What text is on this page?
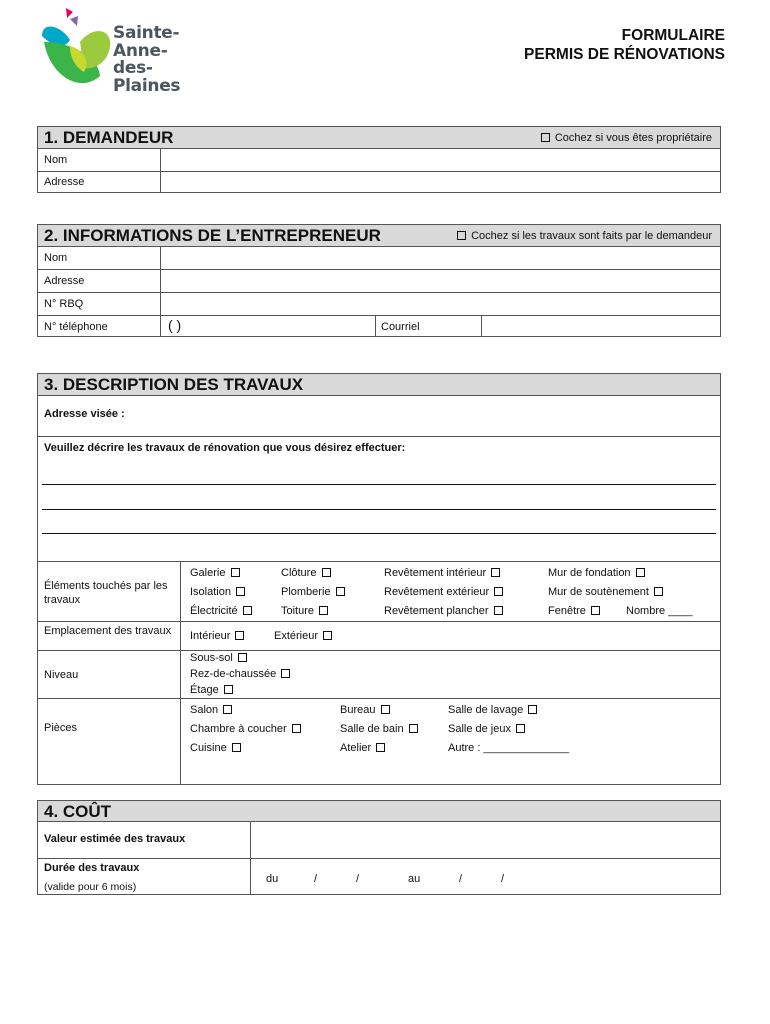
Sainte-
Anne-
des-
Plaines
FORMULAIRE
PERMIS DE RÉNOVATIONS
1. DEMANDEUR	Cochez si vous êtes propriétaire
Nom
Adresse
2. INFORMATIONS DE L’ENTREPRENEUR	Cochez si les travaux sont faits par le demandeur
Nom
Adresse
N° RBQ
N° téléphone	( )	Courriel
3. DESCRIPTION DES TRAVAUX
Adresse visée :
Veuillez décrire les travaux de rénovation que vous désirez effectuer:
Éléments touchés par les travaux
Galerie	Clôture	Revêtement intérieur	Mur de fondation
Isolation	Plomberie	Revêtement extérieur	Mur de soutènement
Électricité	Toiture	Revêtement plancher	Fenêtre	Nombre ____
Emplacement des travaux	Intérieur	Extérieur
Niveau
Sous-sol
Rez-de-chaussée
Étage
Pièces
Salon	Bureau	Salle de lavage
Chambre à coucher	Salle de bain	Salle de jeux
Cuisine	Atelier	Autre : ______________
4. COÛT
Valeur estimée des travaux
Durée des travaux
(valide pour 6 mois)
du	/	/	au	/	/
